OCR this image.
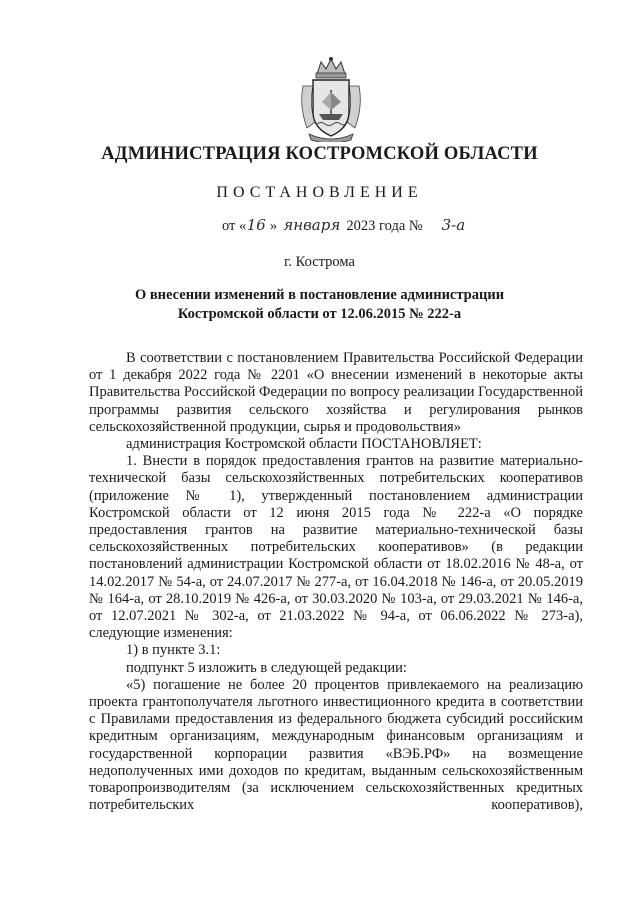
АДМИНИСТРАЦИЯ КОСТРОМСКОЙ ОБЛАСТИ
ПОСТАНОВЛЕНИЕ
от «16 » января 2023 года № 3-а
г. Кострома
О внесении изменений в постановление администрации
Костромской области от 12.06.2015 № 222-а

В соответствии с постановлением Правительства Российской Федерации от 1 декабря 2022 года № 2201 «О внесении изменений в некоторые акты Правительства Российской Федерации по вопросу реализации Государственной программы развития сельского хозяйства и регулирования рынков сельскохозяйственной продукции, сырья и продовольствия»

администрация Костромской области ПОСТАНОВЛЯЕТ:

1. Внести в порядок предоставления грантов на развитие материально-технической базы сельскохозяйственных потребительских кооперативов (приложение № 1), утвержденный постановлением администрации Костромской области от 12 июня 2015 года № 222-а «О порядке предоставления грантов на развитие материально-технической базы сельскохозяйственных потребительских кооперативов» (в редакции постановлений администрации Костромской области от 18.02.2016 № 48-а, от 14.02.2017 № 54-а, от 24.07.2017 № 277-а, от 16.04.2018 № 146-а, от 20.05.2019 № 164-а, от 28.10.2019 № 426-а, от 30.03.2020 № 103-а, от 29.03.2021 № 146-а, от 12.07.2021 № 302-а, от 21.03.2022 № 94-а, от 06.06.2022 № 273-а), следующие изменения:

1) в пункте 3.1:

подпункт 5 изложить в следующей редакции:

«5) погашение не более 20 процентов привлекаемого на реализацию проекта грантополучателя льготного инвестиционного кредита в соответствии с Правилами предоставления из федерального бюджета субсидий российским кредитным организациям, международным финансовым организациям и государственной корпорации развития «ВЭБ.РФ» на возмещение недополученных ими доходов по кредитам, выданным сельскохозяйственным товаропроизводителям (за исключением сельскохозяйственных кредитных потребительских кооперативов),
